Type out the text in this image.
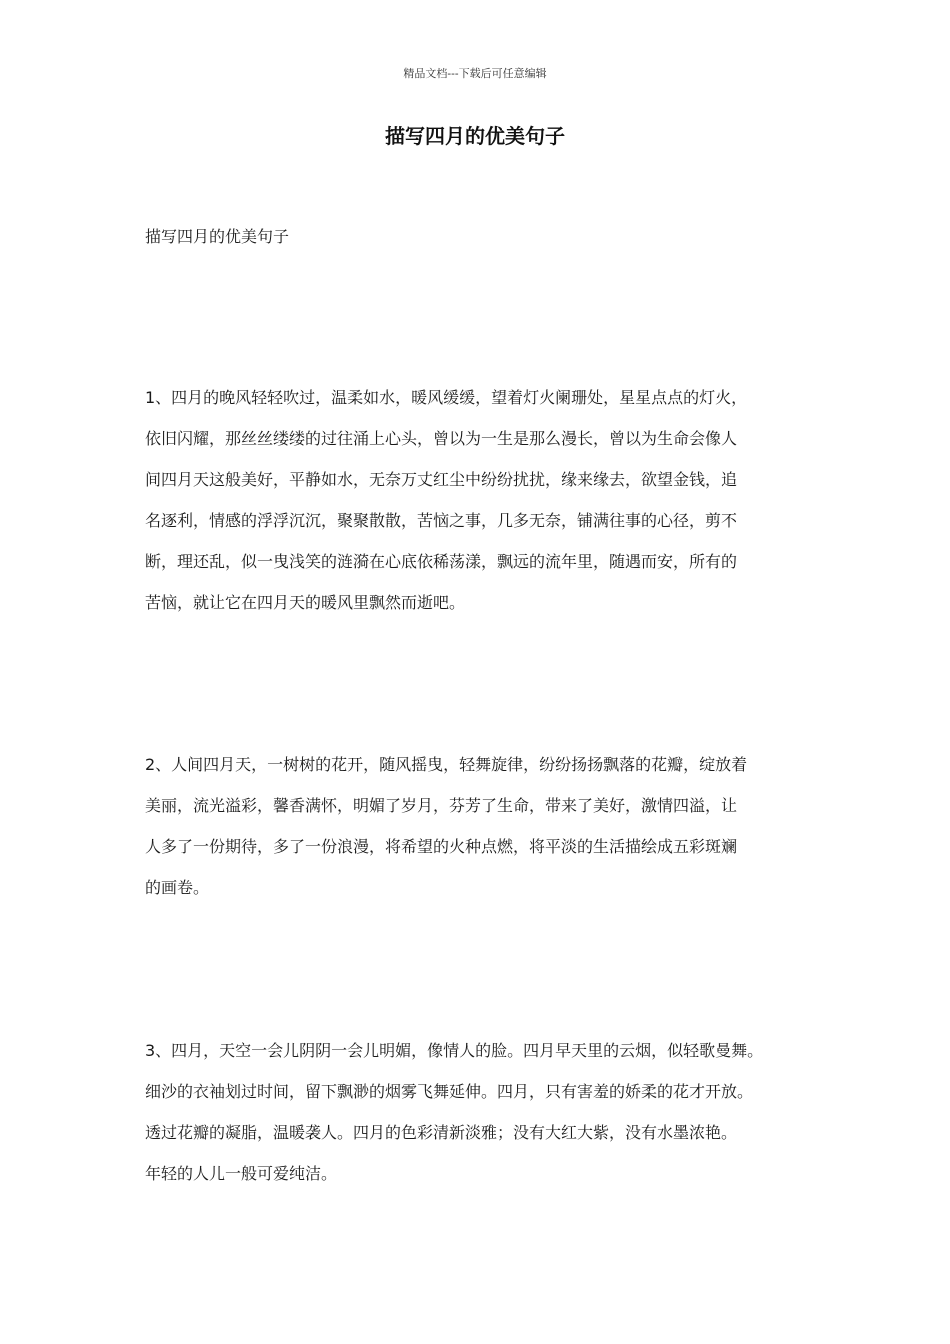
精品文档---下载后可任意编辑
描写四月的优美句子
描写四月的优美句子
1、四月的晚风轻轻吹过，温柔如水，暖风缓缓，望着灯火阑珊处，星星点点的灯火，
依旧闪耀，那丝丝缕缕的过往涌上心头，曾以为一生是那么漫长，曾以为生命会像人
间四月天这般美好，平静如水，无奈万丈红尘中纷纷扰扰，缘来缘去，欲望金钱，追
名逐利，情感的浮浮沉沉，聚聚散散，苦恼之事，几多无奈，铺满往事的心径，剪不
断，理还乱，似一曳浅笑的涟漪在心底依稀荡漾，飘远的流年里，随遇而安，所有的
苦恼，就让它在四月天的暖风里飘然而逝吧。
2、人间四月天，一树树的花开，随风摇曳，轻舞旋律，纷纷扬扬飘落的花瓣，绽放着
美丽，流光溢彩，馨香满怀，明媚了岁月，芬芳了生命，带来了美好，激情四溢，让
人多了一份期待，多了一份浪漫，将希望的火种点燃，将平淡的生活描绘成五彩斑斓
的画卷。
3、四月，天空一会儿阴阴一会儿明媚，像情人的脸。四月早天里的云烟，似轻歌曼舞。
细沙的衣袖划过时间，留下飘渺的烟雾飞舞延伸。四月，只有害羞的娇柔的花才开放。
透过花瓣的凝脂，温暖袭人。四月的色彩清新淡雅；没有大红大紫，没有水墨浓艳。
年轻的人儿一般可爱纯洁。
